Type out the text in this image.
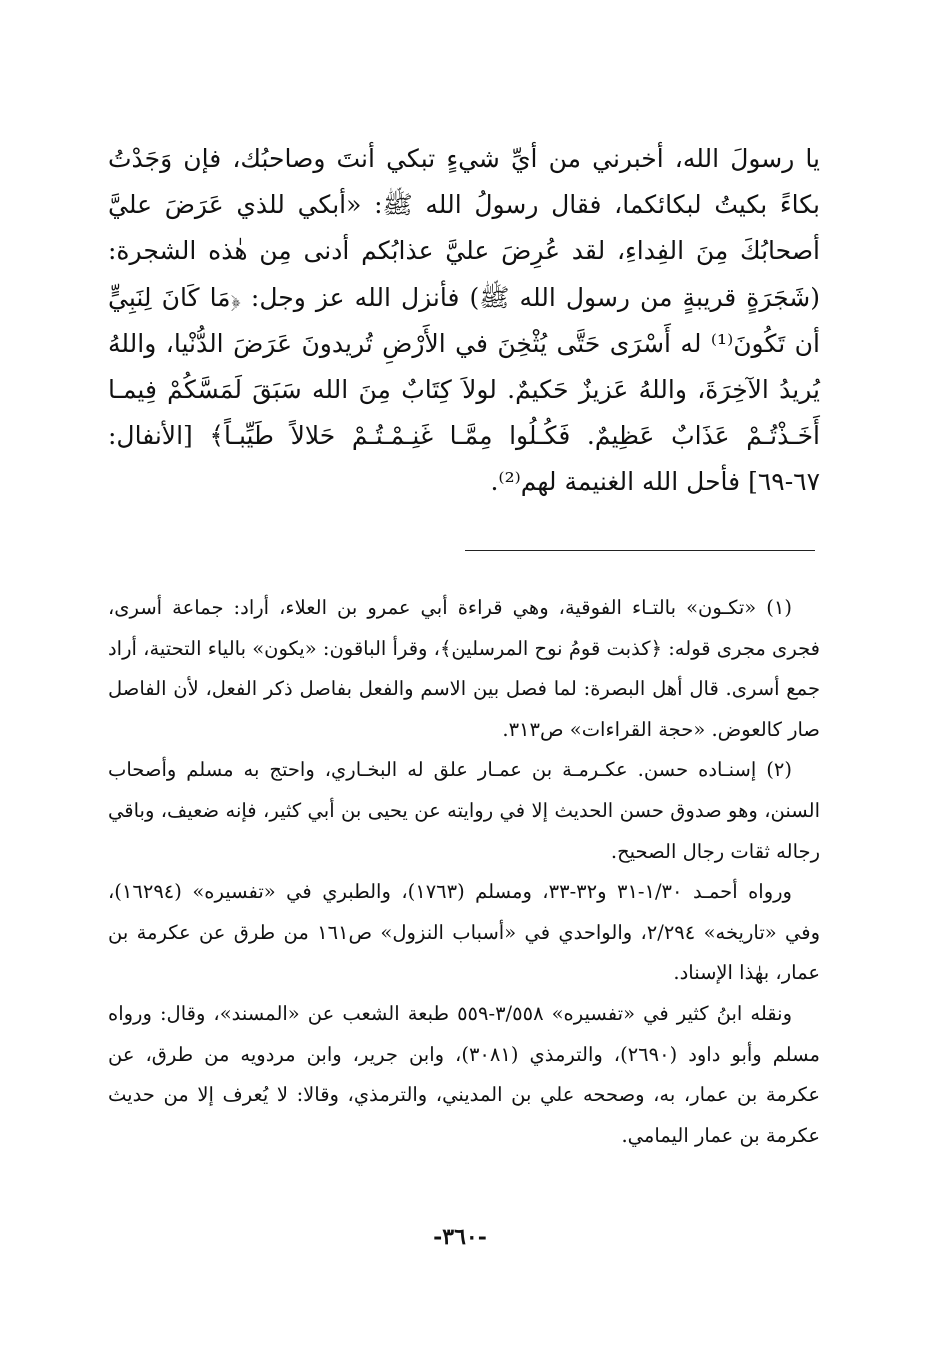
يا رسولَ الله، أخبرني من أيِّ شيءٍ تبكي أنتَ وصاحبُك، فإن وَجَدْتُ بكاءً بكيتُ لبكائكما، فقال رسولُ الله ﷺ: «أبكي للذي عَرَضَ عليَّ أصحابُكَ مِنَ الفِداءِ، لقد عُرِضَ عليَّ عذابُكم أدنى مِن هٰذه الشجرة: (شَجَرَةٍ قريبةٍ من رسول الله ﷺ) فأنزل الله عز وجل: ﴿مَا كَانَ لِنَبِيٍّ أن تَكُونَ⁽¹⁾ له أَسْرَى حَتَّى يُثْخِنَ في الأَرْضِ تُريدونَ عَرَضَ الدُّنْيا، واللهُ يُريدُ الآخِرَةَ، واللهُ عَزيزٌ حَكيمٌ. لولاَ كِتَابٌ مِنَ الله سَبَقَ لَمَسَّكُمْ فِيمـا أَخَـذْتُـمْ عَذَابٌ عَظِيمٌ. فَكُـلُوا مِمَّـا غَنِـمْـتُـمْ حَلالاً طَيِّبـاً﴾ [الأنفال: ٦٧-٦٩] فأحل الله الغنيمة لهم⁽²⁾.

(١) «تكـون» بالتـاء الفوقية، وهي قراءة أبي عمرو بن العلاء، أراد: جماعة أسرى، فجرى مجرى قوله: ﴿كذبت قومُ نوح المرسلين﴾، وقرأ الباقون: «يكون» بالياء التحتية، أراد جمع أسرى. قال أهل البصرة: لما فصل بين الاسم والفعل بفاصل ذكر الفعل، لأن الفاصل صار كالعوض. «حجة القراءات» ص٣١٣.

(٢) إسنـاده حسن. عكـرمـة بن عمـار علق له البخـاري، واحتج به مسلم وأصحاب السنن، وهو صدوق حسن الحديث إلا في روايته عن يحيى بن أبي كثير، فإنه ضعيف، وباقي رجاله ثقات رجال الصحيح.

ورواه أحمـد ١/٣٠-٣١ و٣٢-٣٣، ومسلم (١٧٦٣)، والطبري في «تفسيره» (١٦٢٩٤)، وفي «تاريخه» ٢/٢٩٤، والواحدي في «أسباب النزول» ص١٦١ من طرق عن عكرمة بن عمار، بهٰذا الإسناد.

ونقله ابنُ كثير في «تفسيره» ٣/٥٥٨-٥٥٩ طبعة الشعب عن «المسند»، وقال: ورواه مسلم وأبو داود (٢٦٩٠)، والترمذي (٣٠٨١)، وابن جرير، وابن مردويه من طرق، عن عكرمة بن عمار، به، وصححه علي بن المديني، والترمذي، وقالا: لا يُعرف إلا من حديث عكرمة بن عمار اليمامي.

-٣٦٠-
